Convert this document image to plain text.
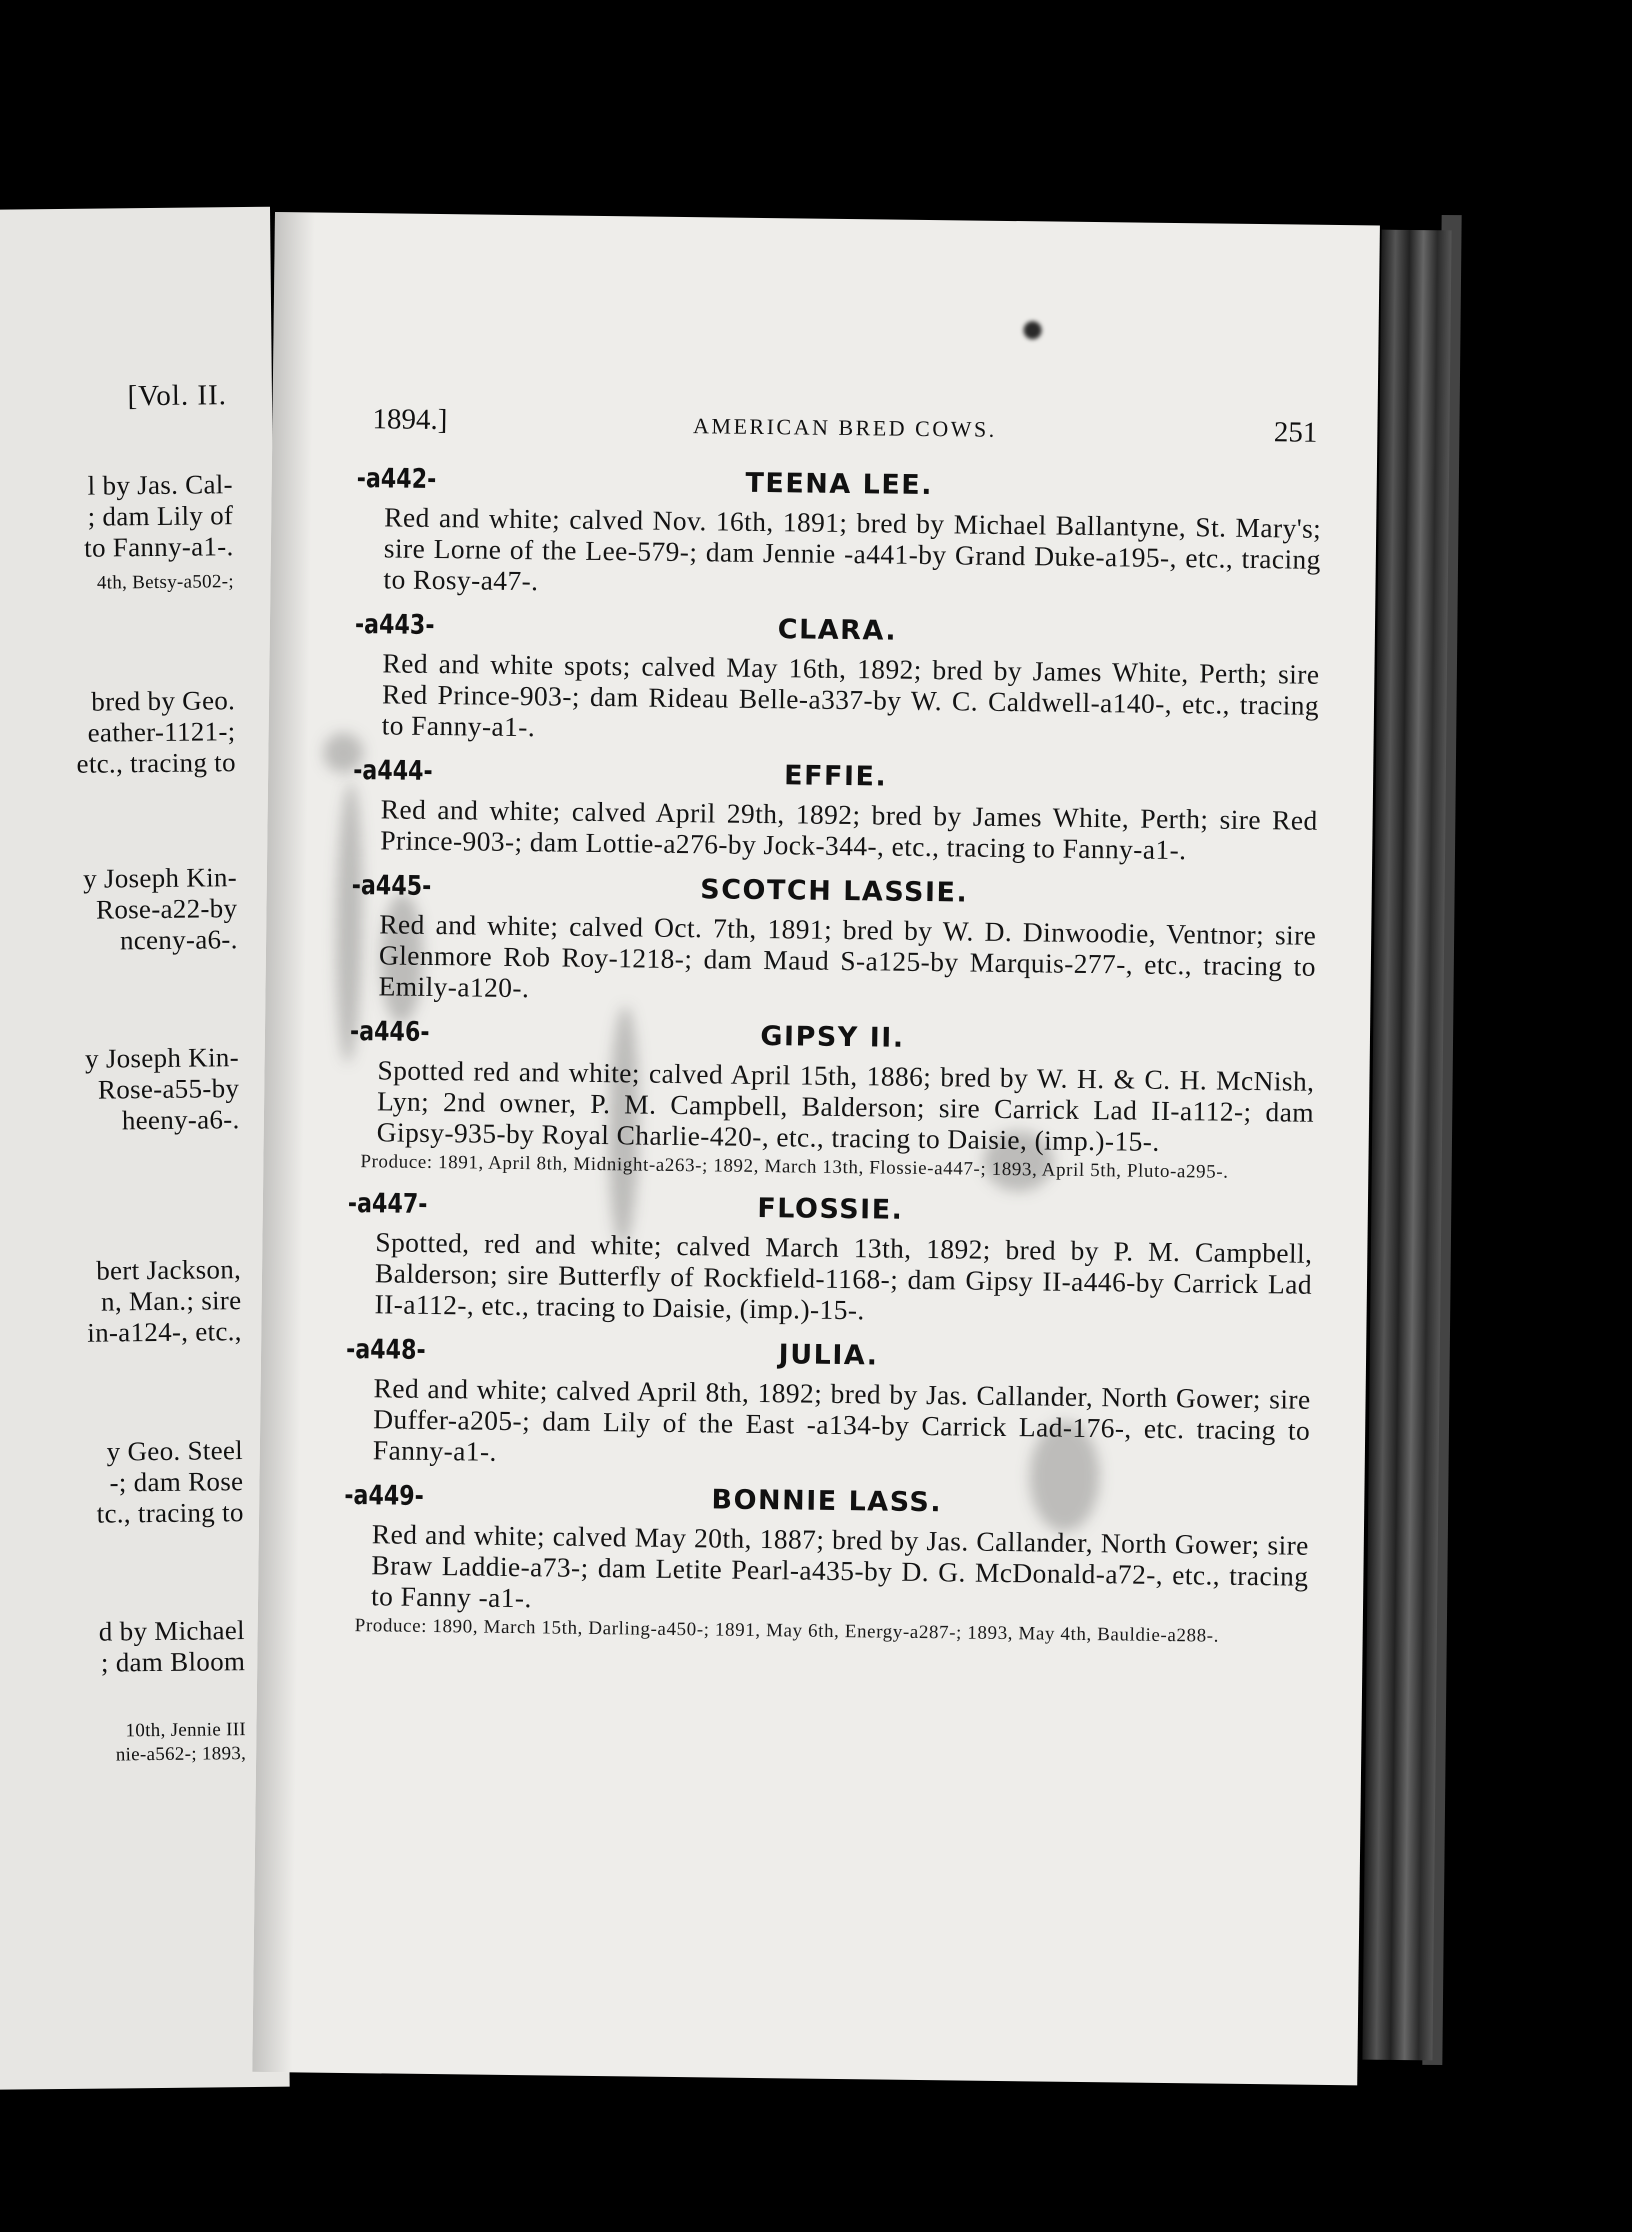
[Vol. II.
l by Jas. Cal-
; dam Lily of
to Fanny-a1-.
4th, Betsy-a502-;
bred by Geo.
eather-1121-;
etc., tracing to
y Joseph Kin-
Rose-a22-by
nceny-a6-.
y Joseph Kin-
Rose-a55-by
heeny-a6-.
bert Jackson,
n, Man.; sire
in-a124-, etc.,
y Geo. Steel
-; dam Rose
tc., tracing to
d by Michael
; dam Bloom
10th, Jennie III
nie-a562-; 1893,
1894.]	AMERICAN BRED COWS.	251
-a442-	TEENA LEE.

Red and white; calved Nov. 16th, 1891; bred by Michael Ballantyne, St. Mary's; sire Lorne of the Lee-579-; dam Jennie -a441-by Grand Duke-a195-, etc., tracing to Rosy-a47-.

-a443-	CLARA.

Red and white spots; calved May 16th, 1892; bred by James White, Perth; sire Red Prince-903-; dam Rideau Belle-a337-by W. C. Caldwell-a140-, etc., tracing to Fanny-a1-.

-a444-	EFFIE.

Red and white; calved April 29th, 1892; bred by James White, Perth; sire Red Prince-903-; dam Lottie-a276-by Jock-344-, etc., tracing to Fanny-a1-.

-a445-	SCOTCH LASSIE.

Red and white; calved Oct. 7th, 1891; bred by W. D. Dinwoodie, Ventnor; sire Glenmore Rob Roy-1218-; dam Maud S-a125-by Marquis-277-, etc., tracing to Emily-a120-.

-a446-	GIPSY II.

Spotted red and white; calved April 15th, 1886; bred by W. H. & C. H. McNish, Lyn; 2nd owner, P. M. Campbell, Balderson; sire Carrick Lad II-a112-; dam Gipsy-935-by Royal Charlie-420-, etc., tracing to Daisie, (imp.)-15-.

Produce: 1891, April 8th, Midnight-a263-; 1892, March 13th, Flossie-a447-; 1893, April 5th, Pluto-a295-.

-a447-	FLOSSIE.

Spotted, red and white; calved March 13th, 1892; bred by P. M. Campbell, Balderson; sire Butterfly of Rockfield-1168-; dam Gipsy II-a446-by Carrick Lad II-a112-, etc., tracing to Daisie, (imp.)-15-.

-a448-	JULIA.

Red and white; calved April 8th, 1892; bred by Jas. Callander, North Gower; sire Duffer-a205-; dam Lily of the East -a134-by Carrick Lad-176-, etc. tracing to Fanny-a1-.

-a449-	BONNIE LASS.

Red and white; calved May 20th, 1887; bred by Jas. Callander, North Gower; sire Braw Laddie-a73-; dam Letite Pearl-a435-by D. G. McDonald-a72-, etc., tracing to Fanny -a1-.

Produce: 1890, March 15th, Darling-a450-; 1891, May 6th, Energy-a287-; 1893, May 4th, Bauldie-a288-.
